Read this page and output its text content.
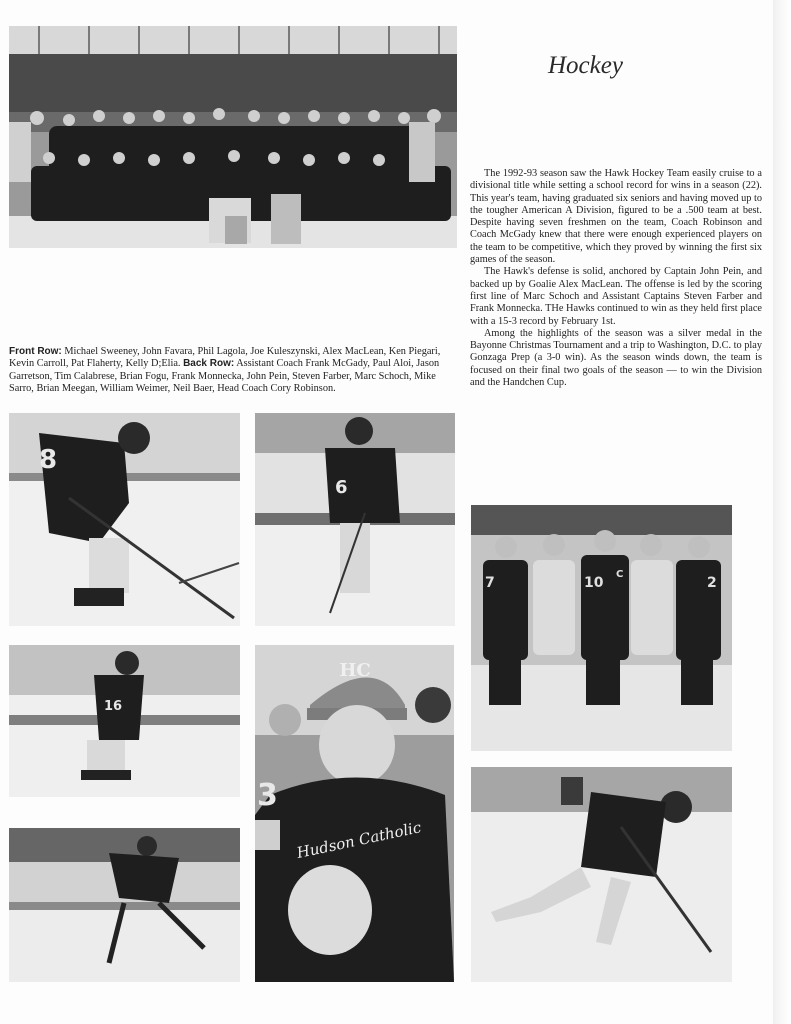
Hockey

The 1992-93 season saw the Hawk Hockey Team easily cruise to a divisional title while setting a school record for wins in a season (22). This year's team, having graduated six seniors and having moved up to the tougher American A Division, figured to be a .500 team at best. Despite having seven freshmen on the team, Coach Robinson and Coach McGady knew that there were enough experienced players on the team to be competitive, which they proved by winning the first six games of the season.

The Hawk's defense is solid, anchored by Captain John Pein, and backed up by Goalie Alex MacLean. The offense is led by the scoring first line of Marc Schoch and Assistant Captains Steven Farber and Frank Monnecka. THe Hawks continued to win as they held first place with a 15-3 record by February 1st.

Among the highlights of the season was a silver medal in the Bayonne Christmas Tournament and a trip to Washington, D.C. to play Gonzaga Prep (a 3-0 win). As the season winds down, the team is focused on their final two goals of the season — to win the Division and the Handchen Cup.

Front Row: Michael Sweeney, John Favara, Phil Lagola, Joe Kuleszynski, Alex MacLean, Ken Piegari, Kevin Carroll, Pat Flaherty, Kelly D;Elia. Back Row: Assistant Coach Frank McGady, Paul Aloi, Jason Garretson, Tim Calabrese, Brian Fogu, Frank Monnecka, John Pein, Steven Farber, Marc Schoch, Mike Sarro, Brian Meegan, William Weimer, Neil Baer, Head Coach Cory Robinson.

8
6
7	10
C
2
16
HC
Hudson Catholic
3
